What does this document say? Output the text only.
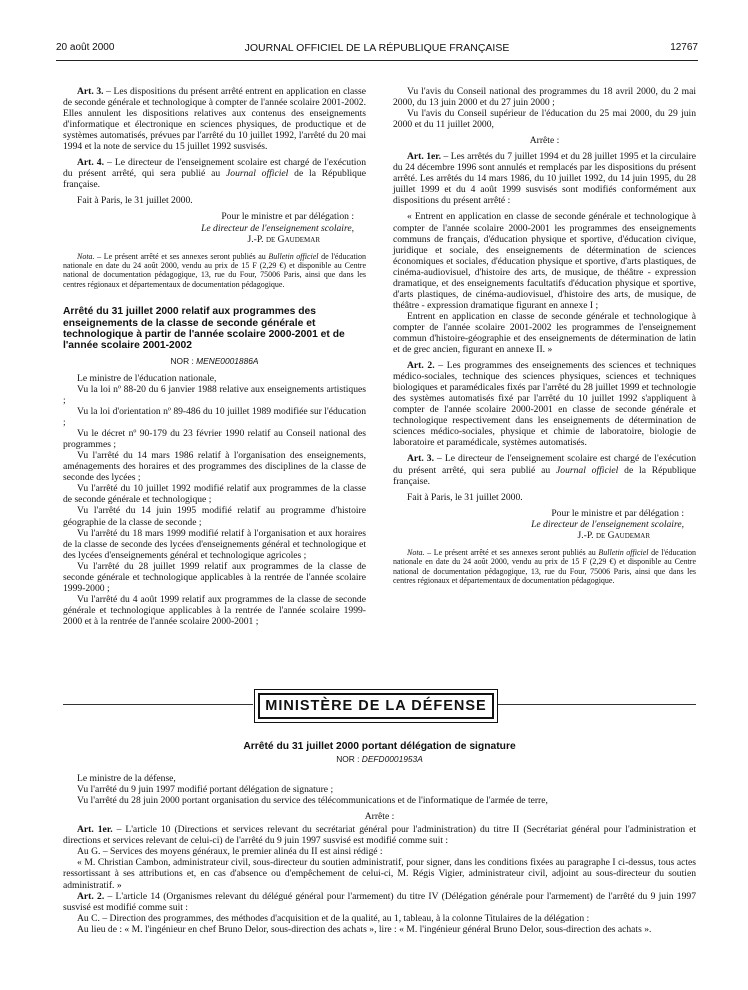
JOURNAL OFFICIEL DE LA RÉPUBLIQUE FRANÇAISE
20 août 2000	12767

Art. 3. – Les dispositions du présent arrêté entrent en application en classe de seconde générale et technologique à compter de l'année scolaire 2001-2002. Elles annulent les dispositions relatives aux contenus des enseignements d'informatique et électronique en sciences physiques, de productique et de systèmes automatisés, prévues par l'arrêté du 10 juillet 1992, l'arrêté du 20 mai 1994 et la note de service du 15 juillet 1992 susvisés.

Art. 4. – Le directeur de l'enseignement scolaire est chargé de l'exécution du présent arrêté, qui sera publié au Journal officiel de la République française.

Fait à Paris, le 31 juillet 2000.

Pour le ministre et par délégation :

Le directeur de l'enseignement scolaire,

J.-P. de Gaudemar

Nota. – Le présent arrêté et ses annexes seront publiés au Bulletin officiel de l'éducation nationale en date du 24 août 2000, vendu au prix de 15 F (2,29 €) et disponible au Centre national de documentation pédagogique, 13, rue du Four, 75006 Paris, ainsi que dans les centres régionaux et départementaux de documentation pédagogique.

Arrêté du 31 juillet 2000 relatif aux programmes des enseignements de la classe de seconde générale et technologique à partir de l'année scolaire 2000-2001 et de l'année scolaire 2001-2002

NOR : MENE0001886A

Le ministre de l'éducation nationale,

Vu la loi nº 88-20 du 6 janvier 1988 relative aux enseignements artistiques ;

Vu la loi d'orientation nº 89-486 du 10 juillet 1989 modifiée sur l'éducation ;

Vu le décret nº 90-179 du 23 février 1990 relatif au Conseil national des programmes ;

Vu l'arrêté du 14 mars 1986 relatif à l'organisation des enseignements, aménagements des horaires et des programmes des disciplines de la classe de seconde des lycées ;

Vu l'arrêté du 10 juillet 1992 modifié relatif aux programmes de la classe de seconde générale et technologique ;

Vu l'arrêté du 14 juin 1995 modifié relatif au programme d'histoire géographie de la classe de seconde ;

Vu l'arrêté du 18 mars 1999 modifié relatif à l'organisation et aux horaires de la classe de seconde des lycées d'enseignements général et technologique et des lycées d'enseignements général et technologique agricoles ;

Vu l'arrêté du 28 juillet 1999 relatif aux programmes de la classe de seconde générale et technologique applicables à la rentrée de l'année scolaire 1999-2000 ;

Vu l'arrêté du 4 août 1999 relatif aux programmes de la classe de seconde générale et technologique applicables à la rentrée de l'année scolaire 1999-2000 et à la rentrée de l'année scolaire 2000-2001 ;

Vu l'avis du Conseil national des programmes du 18 avril 2000, du 2 mai 2000, du 13 juin 2000 et du 27 juin 2000 ;

Vu l'avis du Conseil supérieur de l'éducation du 25 mai 2000, du 29 juin 2000 et du 11 juillet 2000,

Arrête :

Art. 1er. – Les arrêtés du 7 juillet 1994 et du 28 juillet 1995 et la circulaire du 24 décembre 1996 sont annulés et remplacés par les dispositions du présent arrêté. Les arrêtés du 14 mars 1986, du 10 juillet 1992, du 14 juin 1995, du 28 juillet 1999 et du 4 août 1999 susvisés sont modifiés conformément aux dispositions du présent arrêté :

« Entrent en application en classe de seconde générale et technologique à compter de l'année scolaire 2000-2001 les programmes des enseignements communs de français, d'éducation physique et sportive, d'éducation civique, juridique et sociale, des enseignements de détermination de sciences économiques et sociales, d'éducation physique et sportive, d'arts plastiques, de cinéma-audiovisuel, d'histoire des arts, de musique, de théâtre - expression dramatique, et des enseignements facultatifs d'éducation physique et sportive, d'arts plastiques, de cinéma-audiovisuel, d'histoire des arts, de musique, de théâtre - expression dramatique figurant en annexe I ;

Entrent en application en classe de seconde générale et technologique à compter de l'année scolaire 2001-2002 les programmes de l'enseignement commun d'histoire-géographie et des enseignements de détermination de latin et de grec ancien, figurant en annexe II. »

Art. 2. – Les programmes des enseignements des sciences et techniques médico-sociales, technique des sciences physiques, sciences et techniques biologiques et paramédicales fixés par l'arrêté du 28 juillet 1999 et technologie des systèmes automatisés fixé par l'arrêté du 10 juillet 1992 s'appliquent à compter de l'année scolaire 2000-2001 en classe de seconde générale et technologique respectivement dans les enseignements de détermination de sciences médico-sociales, physique et chimie de laboratoire, biologie de laboratoire et paramédicale, systèmes automatisés.

Art. 3. – Le directeur de l'enseignement scolaire est chargé de l'exécution du présent arrêté, qui sera publié au Journal officiel de la République française.

Fait à Paris, le 31 juillet 2000.

Pour le ministre et par délégation :

Le directeur de l'enseignement scolaire,

J.-P. de Gaudemar

Nota. – Le présent arrêté et ses annexes seront publiés au Bulletin officiel de l'éducation nationale en date du 24 août 2000, vendu au prix de 15 F (2,29 €) et disponible au Centre national de documentation pédagogique, 13, rue du Four, 75006 Paris, ainsi que dans les centres régionaux et départementaux de documentation pédagogique.

MINISTÈRE DE LA DÉFENSE

Arrêté du 31 juillet 2000 portant délégation de signature

NOR : DEFD0001953A

Le ministre de la défense,

Vu l'arrêté du 9 juin 1997 modifié portant délégation de signature ;

Vu l'arrêté du 28 juin 2000 portant organisation du service des télécommunications et de l'informatique de l'armée de terre,

Arrête :

Art. 1er. – L'article 10 (Directions et services relevant du secrétariat général pour l'administration) du titre II (Secrétariat général pour l'administration et directions et services relevant de celui-ci) de l'arrêté du 9 juin 1997 susvisé est modifié comme suit :

Au G. – Services des moyens généraux, le premier alinéa du II est ainsi rédigé :

« M. Christian Cambon, administrateur civil, sous-directeur du soutien administratif, pour signer, dans les conditions fixées au paragraphe I ci-dessus, tous actes ressortissant à ses attributions et, en cas d'absence ou d'empêchement de celui-ci, M. Régis Vigier, administrateur civil, adjoint au sous-directeur du soutien administratif. »

Art. 2. – L'article 14 (Organismes relevant du délégué général pour l'armement) du titre IV (Délégation générale pour l'armement) de l'arrêté du 9 juin 1997 susvisé est modifié comme suit :

Au C. – Direction des programmes, des méthodes d'acquisition et de la qualité, au 1, tableau, à la colonne Titulaires de la délégation :

Au lieu de : « M. l'ingénieur en chef Bruno Delor, sous-direction des achats », lire : « M. l'ingénieur général Bruno Delor, sous-direction des achats ».
